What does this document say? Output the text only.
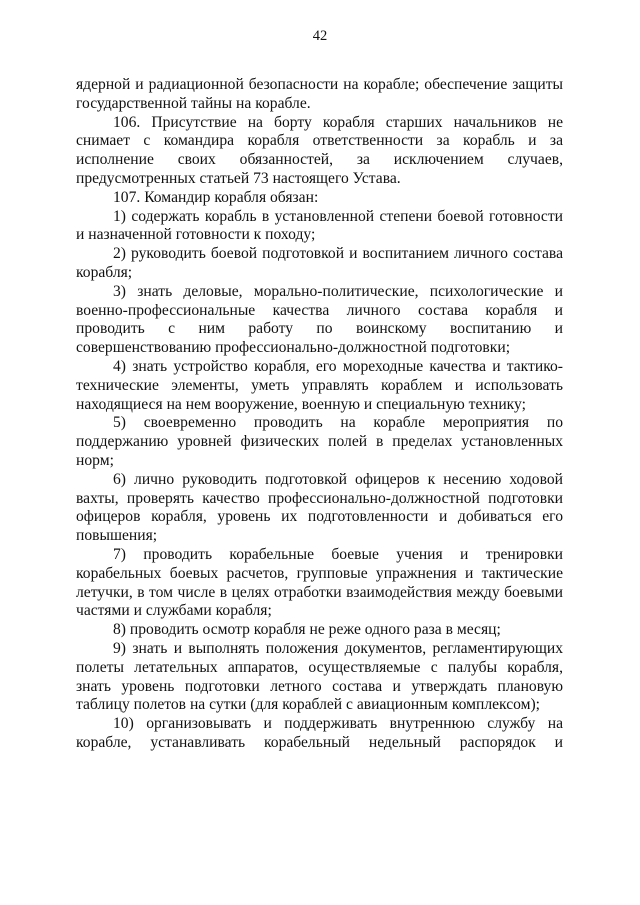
42

ядерной и радиационной безопасности на корабле; обеспечение защиты государственной тайны на корабле.

106. Присутствие на борту корабля старших начальников не снимает с командира корабля ответственности за корабль и за исполнение своих обязанностей, за исключением случаев, предусмотренных статьей 73 настоящего Устава.

107. Командир корабля обязан:

1) содержать корабль в установленной степени боевой готовности и назначенной готовности к походу;

2) руководить боевой подготовкой и воспитанием личного состава корабля;

3) знать деловые, морально-политические, психологические и военно-профессиональные качества личного состава корабля и проводить с ним работу по воинскому воспитанию и совершенствованию профессионально-должностной подготовки;

4) знать устройство корабля, его мореходные качества и тактико-технические элементы, уметь управлять кораблем и использовать находящиеся на нем вооружение, военную и специальную технику;

5) своевременно проводить на корабле мероприятия по поддержанию уровней физических полей в пределах установленных норм;

6) лично руководить подготовкой офицеров к несению ходовой вахты, проверять качество профессионально-должностной подготовки офицеров корабля, уровень их подготовленности и добиваться его повышения;

7) проводить корабельные боевые учения и тренировки корабельных боевых расчетов, групповые упражнения и тактические летучки, в том числе в целях отработки взаимодействия между боевыми частями и службами корабля;

8) проводить осмотр корабля не реже одного раза в месяц;

9) знать и выполнять положения документов, регламентирующих полеты летательных аппаратов, осуществляемые с палубы корабля, знать уровень подготовки летного состава и утверждать плановую таблицу полетов на сутки (для кораблей с авиационным комплексом);

10) организовывать и поддерживать внутреннюю службу на корабле, устанавливать корабельный недельный распорядок и
